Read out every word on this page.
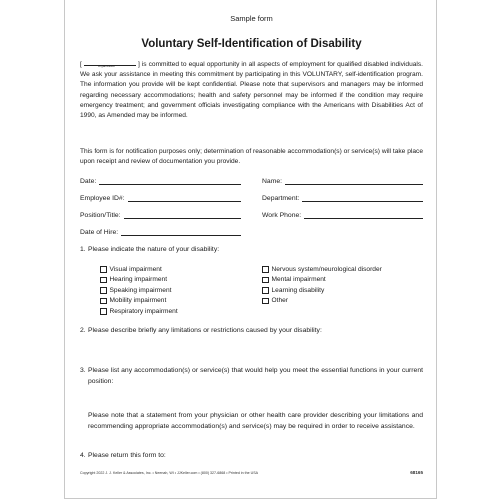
Sample form
Voluntary Self-Identification of Disability
[	Organization	] is committed to equal opportunity in all aspects of employment for qualified disabled individuals. We ask your assistance in meeting this commitment by participating in this VOLUNTARY, self-identification program. The information you provide will be kept confidential. Please note that supervisors and managers may be informed regarding necessary accommodations; health and safety personnel may be informed if the condition may require emergency treatment; and government officials investigating compliance with the Americans with Disabilities Act of 1990, as Amended may be informed.
This form is for notification purposes only; determination of reasonable accommodation(s) or service(s) will take place upon receipt and review of documentation you provide.
Date:	Name:
Employee ID#:	Department:
Position/Title:	Work Phone:
Date of Hire:
1. Please indicate the nature of your disability:
Visual impairment
Hearing impairment
Speaking impairment
Mobility impairment
Respiratory impairment
Nervous system/neurological disorder
Mental impairment
Learning disability
Other
2. Please describe briefly any limitations or restrictions caused by your disability:
3. Please list any accommodation(s) or service(s) that would help you meet the essential functions in your current position:
Please note that a statement from your physician or other health care provider describing your limitations and recommending appropriate accommodation(s) and service(s) may be required in order to receive assistance.
4. Please return this form to:
Copyright 2022 J. J. Keller & Associates, Inc. • Neenah, WI • JJKeller.com • (800) 327-6868 • Printed in the USA	68165
